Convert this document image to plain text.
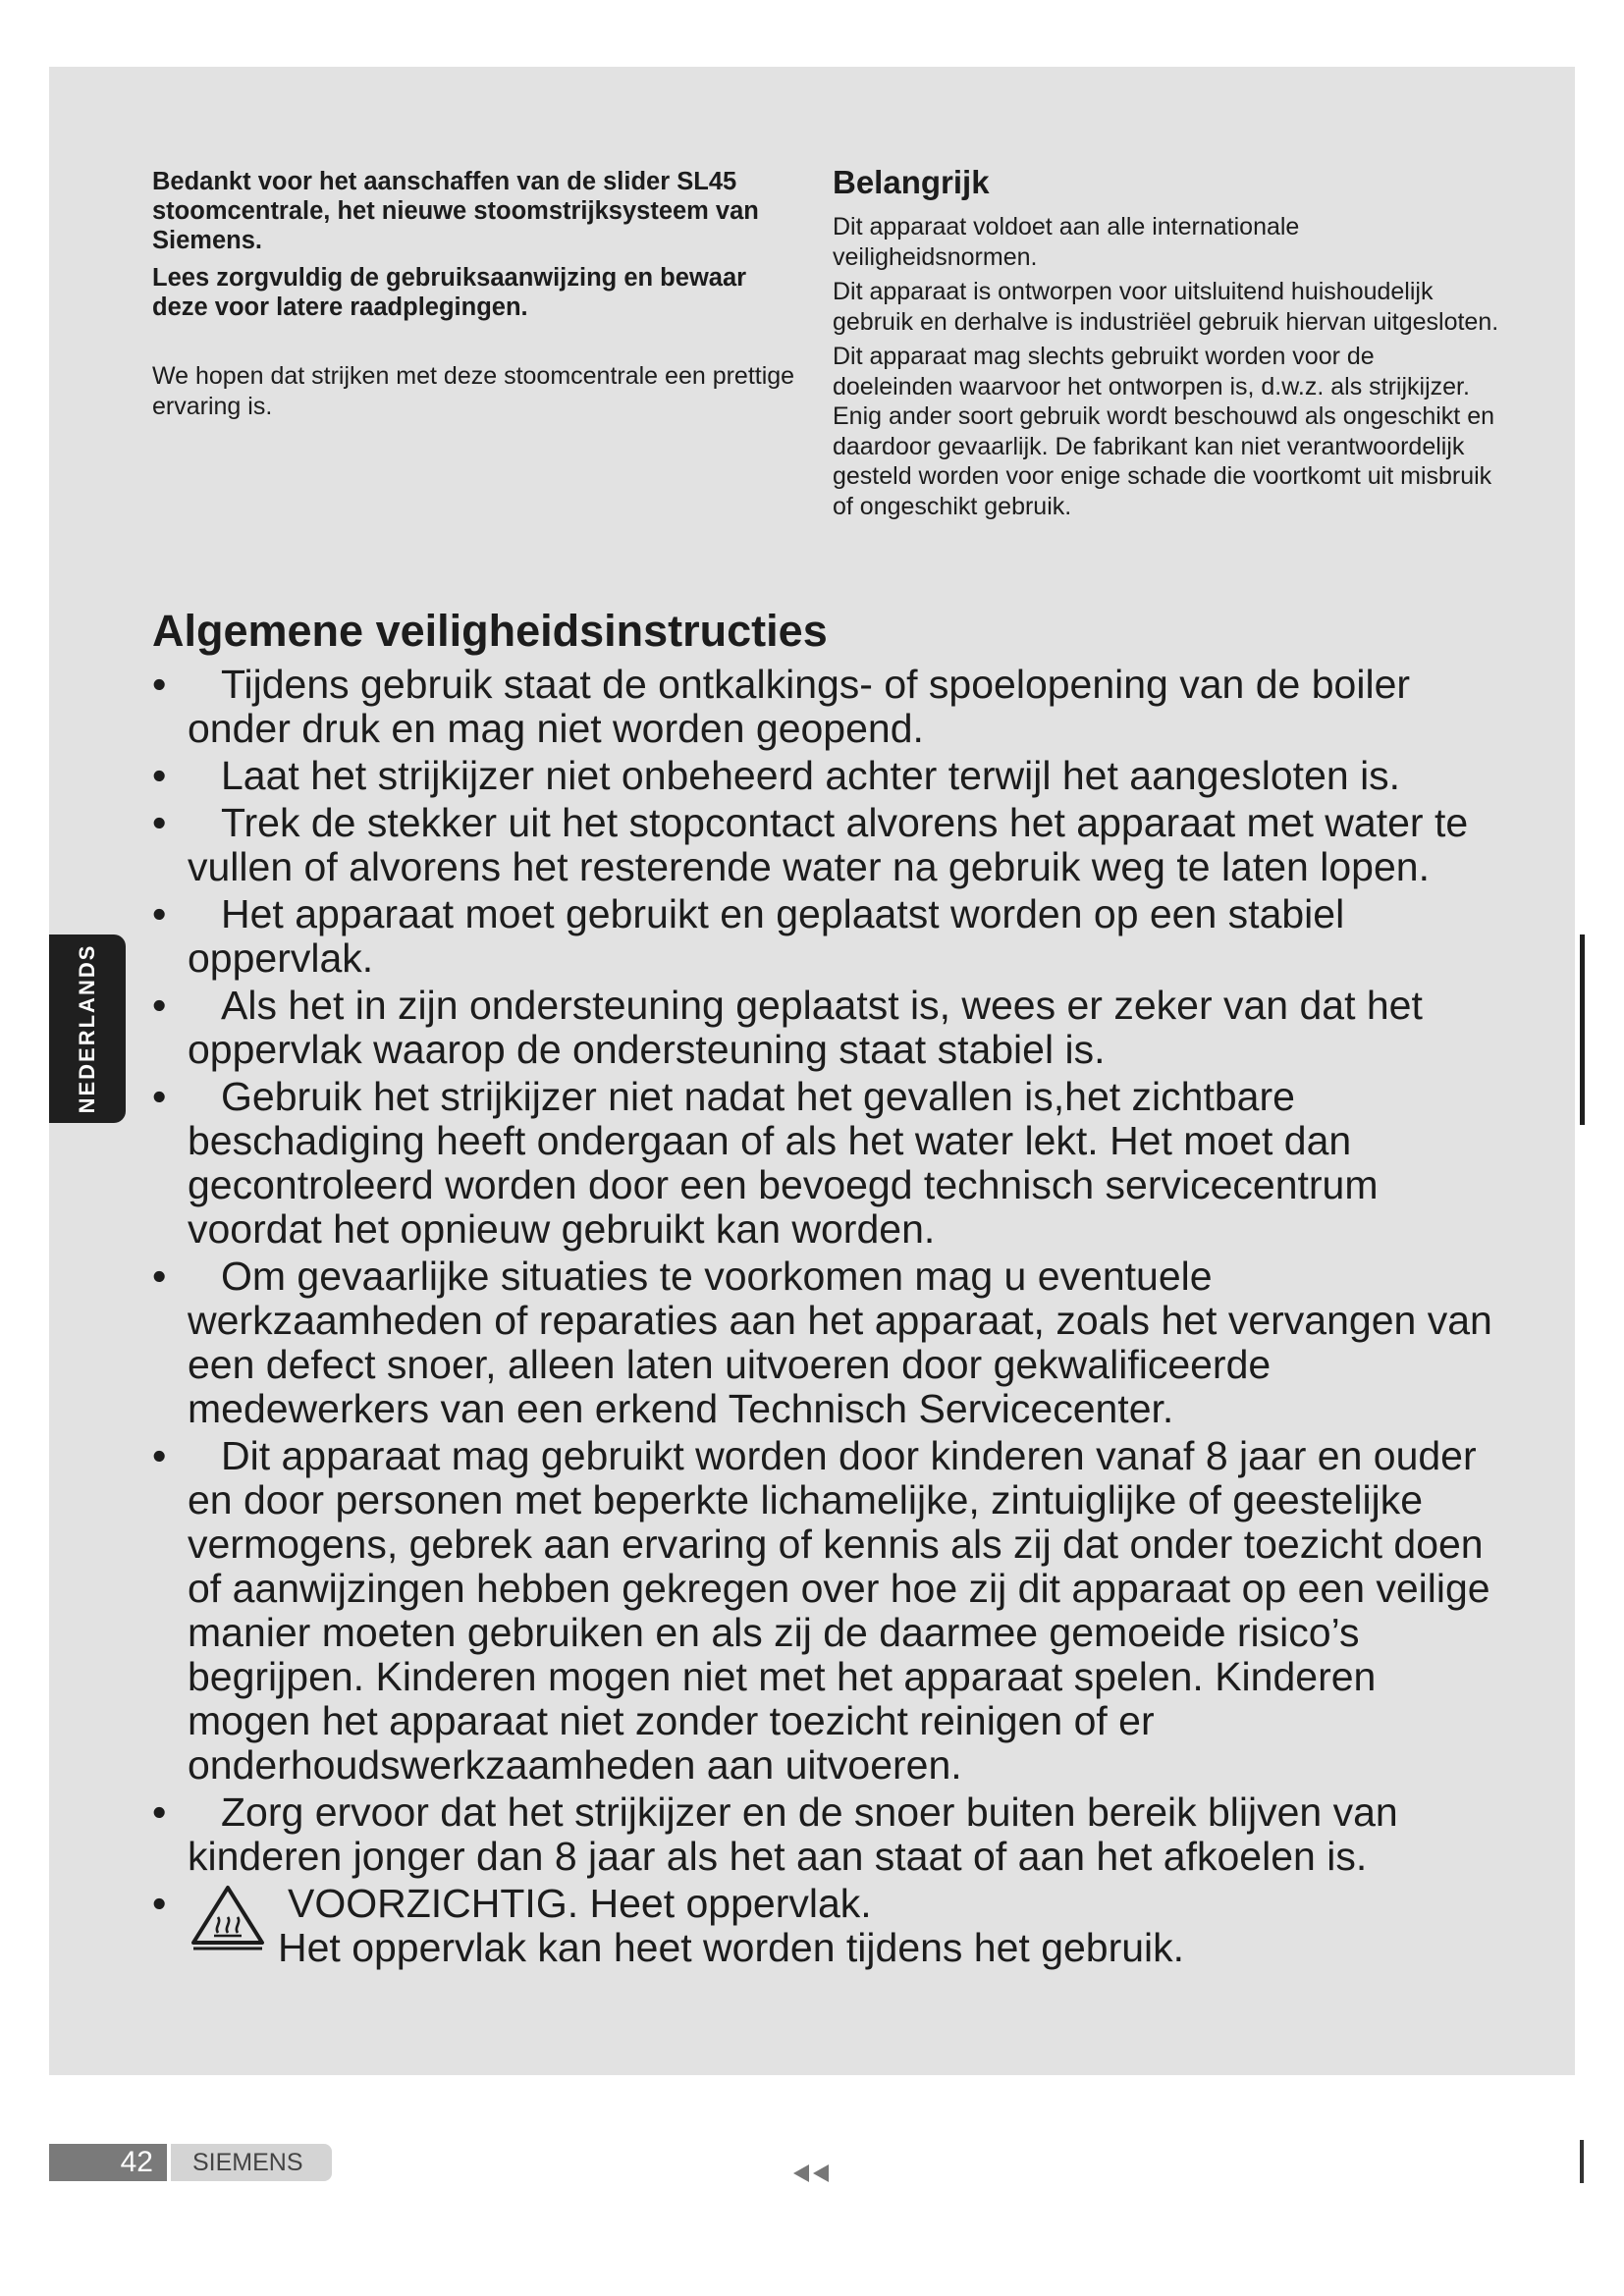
Bedankt voor het aanschaffen van de slider SL45 stoomcentrale, het nieuwe stoomstrijksysteem van Siemens.

Lees zorgvuldig de gebruiksaanwijzing en bewaar deze voor latere raadplegingen.

We hopen dat strijken met deze stoomcentrale een prettige ervaring is.

Belangrijk

Dit apparaat voldoet aan alle internationale veiligheidsnormen.

Dit apparaat is ontworpen voor uitsluitend huishoudelijk gebruik en derhalve is industriëel gebruik hiervan uitgesloten.

Dit apparaat mag slechts gebruikt worden voor de doeleinden waarvoor het ontworpen is, d.w.z. als strijkijzer. Enig ander soort gebruik wordt beschouwd als ongeschikt en daardoor gevaarlijk. De fabrikant kan niet verantwoordelijk gesteld worden voor enige schade die voortkomt uit misbruik of ongeschikt gebruik.

Algemene veiligheidsinstructies
•	Tijdens gebruik staat de ontkalkings- of spoelopening van de boiler onder druk en mag niet worden geopend.
•	Laat het strijkijzer niet onbeheerd achter terwijl het aangesloten is.
•	Trek de stekker uit het stopcontact alvorens het apparaat met water te vullen of alvorens het resterende water na gebruik weg te laten lopen.
•	Het apparaat moet gebruikt en geplaatst worden op een stabiel oppervlak.
•	Als het in zijn ondersteuning geplaatst is, wees er zeker van dat het oppervlak waarop de ondersteuning staat stabiel is.
•	Gebruik het strijkijzer niet nadat het gevallen is,het zichtbare beschadiging heeft ondergaan of als het water lekt. Het moet dan gecontroleerd worden door een bevoegd technisch servicecentrum voordat het opnieuw gebruikt kan worden.
•	Om gevaarlijke situaties te voorkomen mag u eventuele werkzaamheden of reparaties aan het apparaat, zoals het vervangen van een defect snoer, alleen laten uitvoeren door gekwalificeerde medewerkers van een erkend Technisch Servicecenter.
•	Dit apparaat mag gebruikt worden door kinderen vanaf 8 jaar en ouder en door personen met beperkte lichamelijke, zintuiglijke of geestelijke vermogens, gebrek aan ervaring of kennis als zij dat onder toezicht doen of aanwijzingen hebben gekregen over hoe zij dit apparaat op een veilige manier moeten gebruiken en als zij de daarmee gemoeide risico’s begrijpen. Kinderen mogen niet met het apparaat spelen. Kinderen mogen het apparaat niet zonder toezicht reinigen of er onderhoudswerkzaamheden aan uitvoeren.
•	Zorg ervoor dat het strijkijzer en de snoer buiten bereik blijven van kinderen jonger dan 8 jaar als het aan staat of aan het afkoelen is.
•	VOORZICHTIG. Heet oppervlak.
Het oppervlak kan heet worden tijdens het gebruik.
NEDERLANDS
42	SIEMENS
